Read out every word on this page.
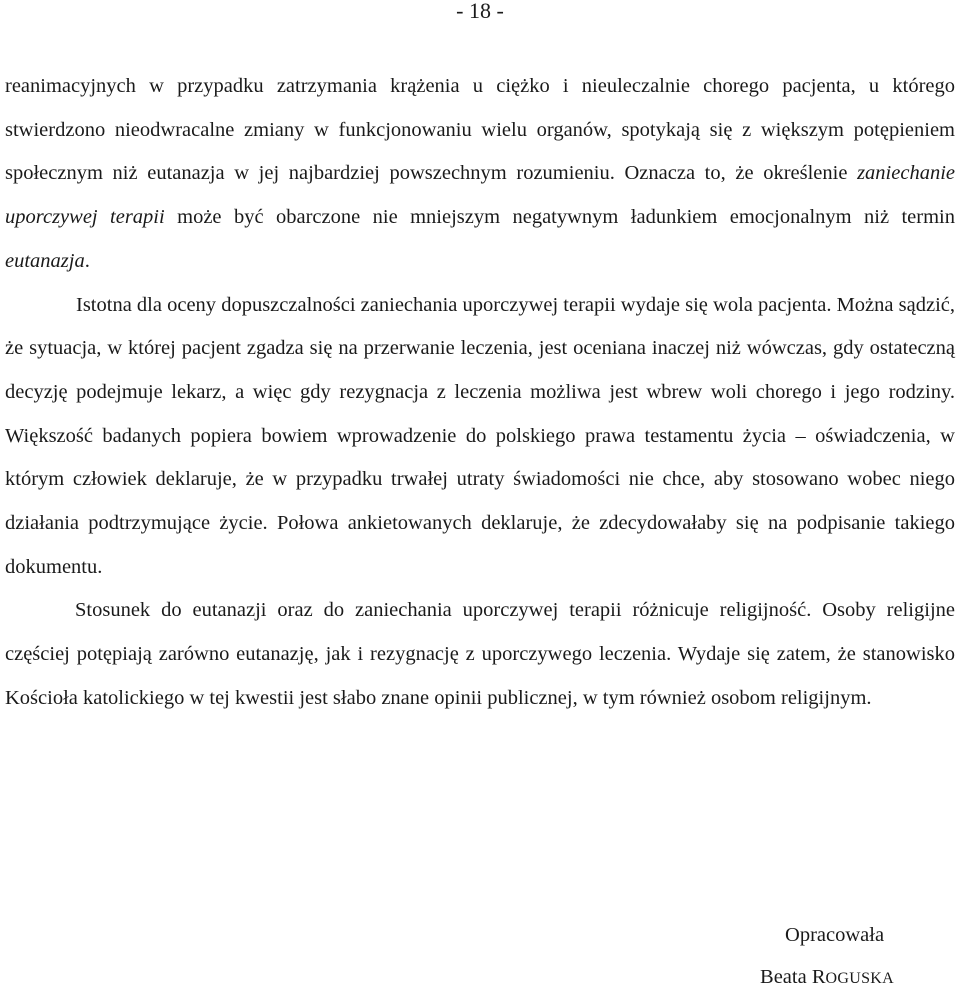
- 18 -

reanimacyjnych w przypadku zatrzymania krążenia u ciężko i nieuleczalnie chorego pacjenta, u którego stwierdzono nieodwracalne zmiany w funkcjonowaniu wielu organów, spotykają się z większym potępieniem społecznym niż eutanazja w jej najbardziej powszechnym rozumieniu. Oznacza to, że określenie zaniechanie uporczywej terapii może być obarczone nie mniejszym negatywnym ładunkiem emocjonalnym niż termin eutanazja.

Istotna dla oceny dopuszczalności zaniechania uporczywej terapii wydaje się wola pacjenta. Można sądzić, że sytuacja, w której pacjent zgadza się na przerwanie leczenia, jest oceniana inaczej niż wówczas, gdy ostateczną decyzję podejmuje lekarz, a więc gdy rezygnacja z leczenia możliwa jest wbrew woli chorego i jego rodziny. Większość badanych popiera bowiem wprowadzenie do polskiego prawa testamentu życia – oświadczenia, w którym człowiek deklaruje, że w przypadku trwałej utraty świadomości nie chce, aby stosowano wobec niego działania podtrzymujące życie. Połowa ankietowanych deklaruje, że zdecydowałaby się na podpisanie takiego dokumentu.

Stosunek do eutanazji oraz do zaniechania uporczywej terapii różnicuje religijność. Osoby religijne częściej potępiają zarówno eutanazję, jak i rezygnację z uporczywego leczenia. Wydaje się zatem, że stanowisko Kościoła katolickiego w tej kwestii jest słabo znane opinii publicznej, w tym również osobom religijnym.

Opracowała
Beata ROGUSKA
